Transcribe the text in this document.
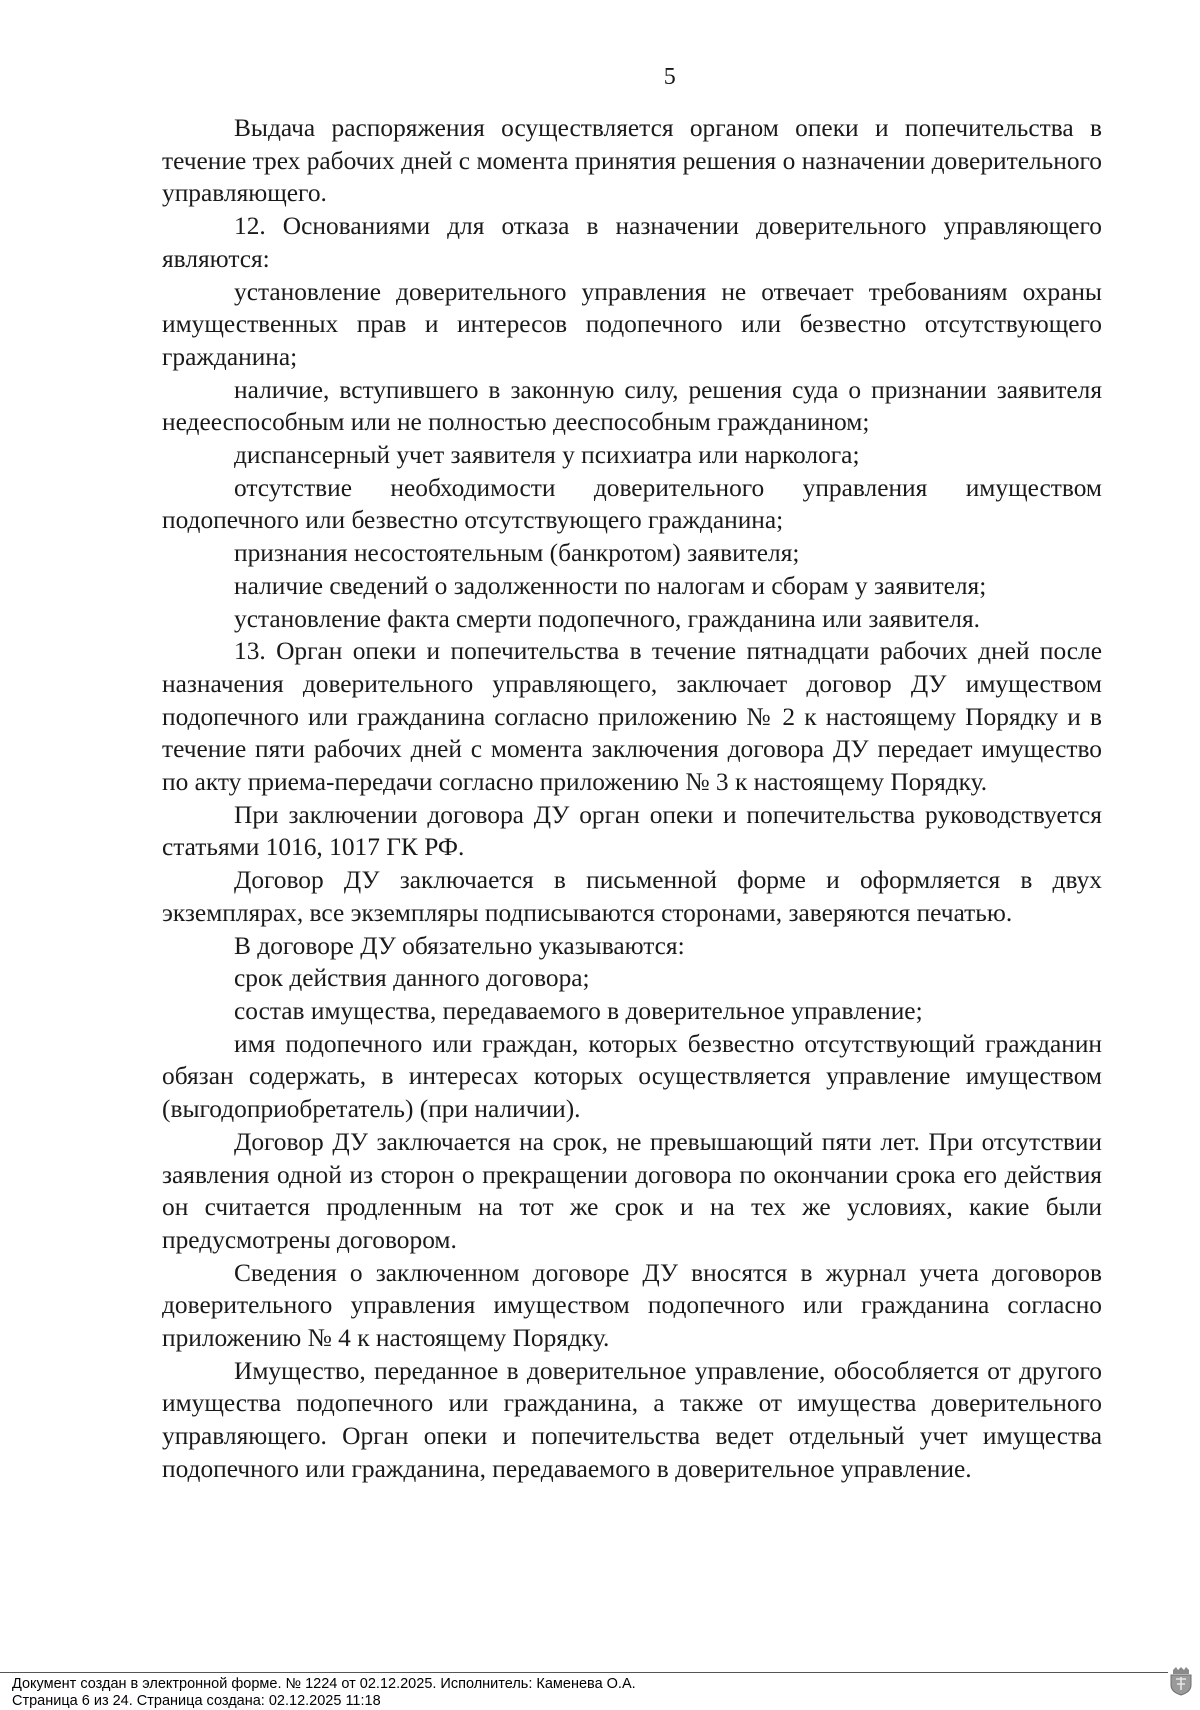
5

Выдача распоряжения осуществляется органом опеки и попечительства в течение трех рабочих дней с момента принятия решения о назначении доверительного управляющего.

12. Основаниями для отказа в назначении доверительного управляющего являются:

установление доверительного управления не отвечает требованиям охраны имущественных прав и интересов подопечного или безвестно отсутствующего гражданина;

наличие, вступившего в законную силу, решения суда о признании заявителя недееспособным или не полностью дееспособным гражданином;

диспансерный учет заявителя у психиатра или нарколога;

отсутствие необходимости доверительного управления имуществом подопечного или безвестно отсутствующего гражданина;

признания несостоятельным (банкротом) заявителя;

наличие сведений о задолженности по налогам и сборам у заявителя;

установление факта смерти подопечного, гражданина или заявителя.

13. Орган опеки и попечительства в течение пятнадцати рабочих дней после назначения доверительного управляющего, заключает договор ДУ имуществом подопечного или гражданина согласно приложению № 2 к настоящему Порядку и в течение пяти рабочих дней с момента заключения договора ДУ передает имущество по акту приема-передачи согласно приложению № 3 к настоящему Порядку.

При заключении договора ДУ орган опеки и попечительства руководствуется статьями 1016, 1017 ГК РФ.

Договор ДУ заключается в письменной форме и оформляется в двух экземплярах, все экземпляры подписываются сторонами, заверяются печатью.

В договоре ДУ обязательно указываются:

срок действия данного договора;

состав имущества, передаваемого в доверительное управление;

имя подопечного или граждан, которых безвестно отсутствующий гражданин обязан содержать, в интересах которых осуществляется управление имуществом (выгодоприобретатель) (при наличии).

Договор ДУ заключается на срок, не превышающий пяти лет. При отсутствии заявления одной из сторон о прекращении договора по окончании срока его действия он считается продленным на тот же срок и на тех же условиях, какие были предусмотрены договором.

Сведения о заключенном договоре ДУ вносятся в журнал учета договоров доверительного управления имуществом подопечного или гражданина согласно приложению № 4 к настоящему Порядку.

Имущество, переданное в доверительное управление, обособляется от другого имущества подопечного или гражданина, а также от имущества доверительного управляющего. Орган опеки и попечительства ведет отдельный учет имущества подопечного или гражданина, передаваемого в доверительное управление.

Документ создан в электронной форме. № 1224 от 02.12.2025. Исполнитель: Каменева О.А.
Страница 6 из 24. Страница создана: 02.12.2025 11:18
